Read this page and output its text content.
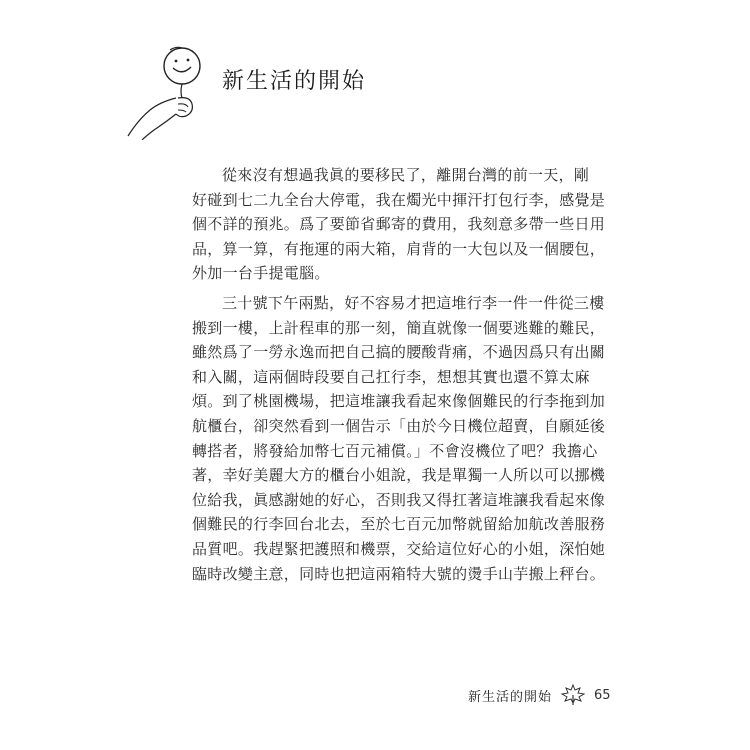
新生活的開始

從來沒有想過我眞的要移民了，離開台灣的前一天，剛
好碰到七二九全台大停電，我在燭光中揮汗打包行李，感覺是
個不詳的預兆。爲了要節省郵寄的費用，我刻意多帶一些日用
品，算一算，有拖運的兩大箱，肩背的一大包以及一個腰包，
外加一台手提電腦。

三十號下午兩點，好不容易才把這堆行李一件一件從三樓
搬到一樓，上計程車的那一刻，簡直就像一個要逃難的難民，
雖然爲了一勞永逸而把自己搞的腰酸背痛，不過因爲只有出關
和入關，這兩個時段要自己扛行李，想想其實也還不算太麻
煩。到了桃園機場，把這堆讓我看起來像個難民的行李拖到加
航櫃台，卻突然看到一個告示「由於今日機位超賣，自願延後
轉搭者，將發給加幣七百元補償。」不會沒機位了吧？我擔心
著，幸好美麗大方的櫃台小姐說，我是單獨一人所以可以挪機
位給我，眞感謝她的好心，否則我又得扛著這堆讓我看起來像
個難民的行李回台北去，至於七百元加幣就留給加航改善服務
品質吧。我趕緊把護照和機票，交給這位好心的小姐，深怕她
臨時改變主意，同時也把這兩箱特大號的燙手山芋搬上秤台。

新生活的開始	65
